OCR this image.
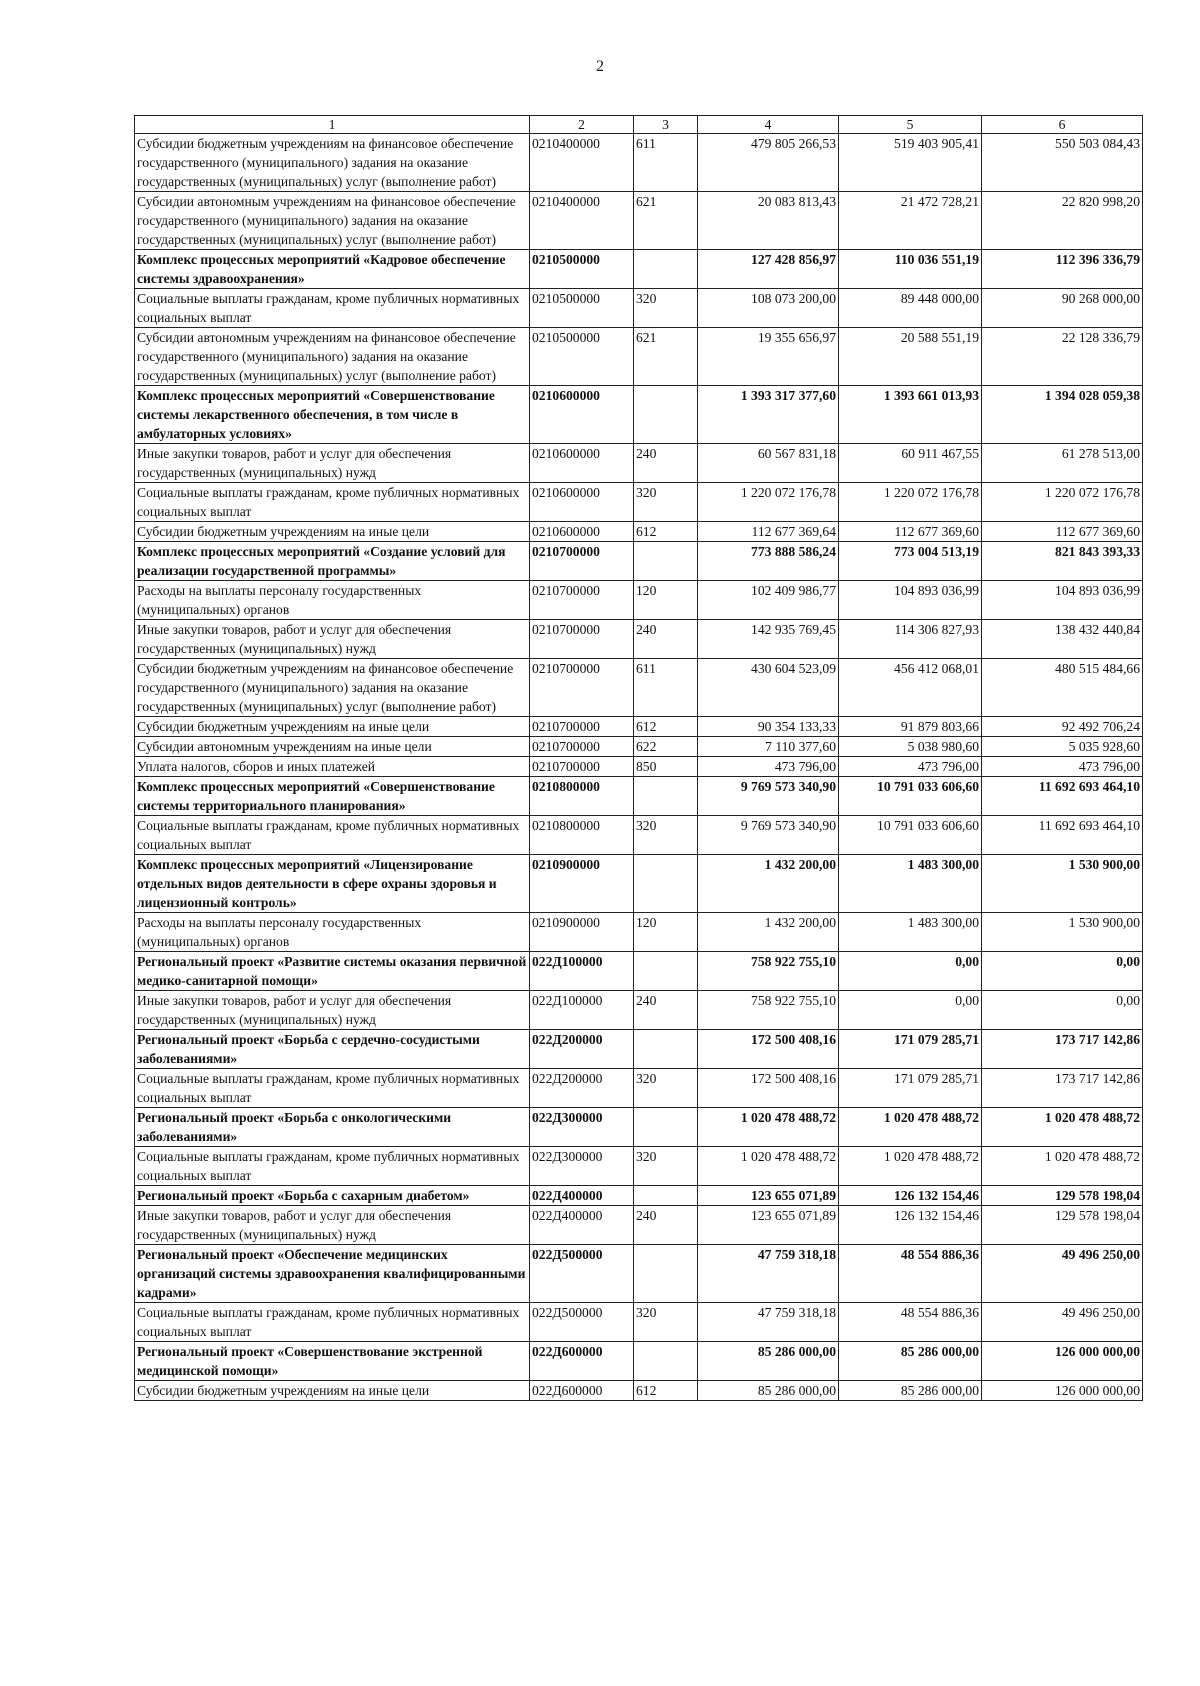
2
1	2	3	4	5	6
Субсидии бюджетным учреждениям на финансовое обеспечение государственного (муниципального) задания на оказание государственных (муниципальных) услуг (выполнение работ)	0210400000	611	479 805 266,53	519 403 905,41	550 503 084,43
Субсидии автономным учреждениям на финансовое обеспечение государственного (муниципального) задания на оказание государственных (муниципальных) услуг (выполнение работ)	0210400000	621	20 083 813,43	21 472 728,21	22 820 998,20
Комплекс процессных мероприятий «Кадровое обеспечение системы здравоохранения»	0210500000		127 428 856,97	110 036 551,19	112 396 336,79
Социальные выплаты гражданам, кроме публичных нормативных социальных выплат	0210500000	320	108 073 200,00	89 448 000,00	90 268 000,00
Субсидии автономным учреждениям на финансовое обеспечение государственного (муниципального) задания на оказание государственных (муниципальных) услуг (выполнение работ)	0210500000	621	19 355 656,97	20 588 551,19	22 128 336,79
Комплекс процессных мероприятий «Совершенствование системы лекарственного обеспечения, в том числе в амбулаторных условиях»	0210600000		1 393 317 377,60	1 393 661 013,93	1 394 028 059,38
Иные закупки товаров, работ и услуг для обеспечения государственных (муниципальных) нужд	0210600000	240	60 567 831,18	60 911 467,55	61 278 513,00
Социальные выплаты гражданам, кроме публичных нормативных социальных выплат	0210600000	320	1 220 072 176,78	1 220 072 176,78	1 220 072 176,78
Субсидии бюджетным учреждениям на иные цели	0210600000	612	112 677 369,64	112 677 369,60	112 677 369,60
Комплекс процессных мероприятий «Создание условий для реализации государственной программы»	0210700000		773 888 586,24	773 004 513,19	821 843 393,33
Расходы на выплаты персоналу государственных (муниципальных) органов	0210700000	120	102 409 986,77	104 893 036,99	104 893 036,99
Иные закупки товаров, работ и услуг для обеспечения государственных (муниципальных) нужд	0210700000	240	142 935 769,45	114 306 827,93	138 432 440,84
Субсидии бюджетным учреждениям на финансовое обеспечение государственного (муниципального) задания на оказание государственных (муниципальных) услуг (выполнение работ)	0210700000	611	430 604 523,09	456 412 068,01	480 515 484,66
Субсидии бюджетным учреждениям на иные цели	0210700000	612	90 354 133,33	91 879 803,66	92 492 706,24
Субсидии автономным учреждениям на иные цели	0210700000	622	7 110 377,60	5 038 980,60	5 035 928,60
Уплата налогов, сборов и иных платежей	0210700000	850	473 796,00	473 796,00	473 796,00
Комплекс процессных мероприятий «Совершенствование системы территориального планирования»	0210800000		9 769 573 340,90	10 791 033 606,60	11 692 693 464,10
Социальные выплаты гражданам, кроме публичных нормативных социальных выплат	0210800000	320	9 769 573 340,90	10 791 033 606,60	11 692 693 464,10
Комплекс процессных мероприятий «Лицензирование отдельных видов деятельности в сфере охраны здоровья и лицензионный контроль»	0210900000		1 432 200,00	1 483 300,00	1 530 900,00
Расходы на выплаты персоналу государственных (муниципальных) органов	0210900000	120	1 432 200,00	1 483 300,00	1 530 900,00
Региональный проект «Развитие системы оказания первичной медико-санитарной помощи»	022Д100000		758 922 755,10	0,00	0,00
Иные закупки товаров, работ и услуг для обеспечения государственных (муниципальных) нужд	022Д100000	240	758 922 755,10	0,00	0,00
Региональный проект «Борьба с сердечно-сосудистыми заболеваниями»	022Д200000		172 500 408,16	171 079 285,71	173 717 142,86
Социальные выплаты гражданам, кроме публичных нормативных социальных выплат	022Д200000	320	172 500 408,16	171 079 285,71	173 717 142,86
Региональный проект «Борьба с онкологическими заболеваниями»	022Д300000		1 020 478 488,72	1 020 478 488,72	1 020 478 488,72
Социальные выплаты гражданам, кроме публичных нормативных социальных выплат	022Д300000	320	1 020 478 488,72	1 020 478 488,72	1 020 478 488,72
Региональный проект «Борьба с сахарным диабетом»	022Д400000		123 655 071,89	126 132 154,46	129 578 198,04
Иные закупки товаров, работ и услуг для обеспечения государственных (муниципальных) нужд	022Д400000	240	123 655 071,89	126 132 154,46	129 578 198,04
Региональный проект «Обеспечение медицинских организаций системы здравоохранения квалифицированными кадрами»	022Д500000		47 759 318,18	48 554 886,36	49 496 250,00
Социальные выплаты гражданам, кроме публичных нормативных социальных выплат	022Д500000	320	47 759 318,18	48 554 886,36	49 496 250,00
Региональный проект «Совершенствование экстренной медицинской помощи»	022Д600000		85 286 000,00	85 286 000,00	126 000 000,00
Субсидии бюджетным учреждениям на иные цели	022Д600000	612	85 286 000,00	85 286 000,00	126 000 000,00
